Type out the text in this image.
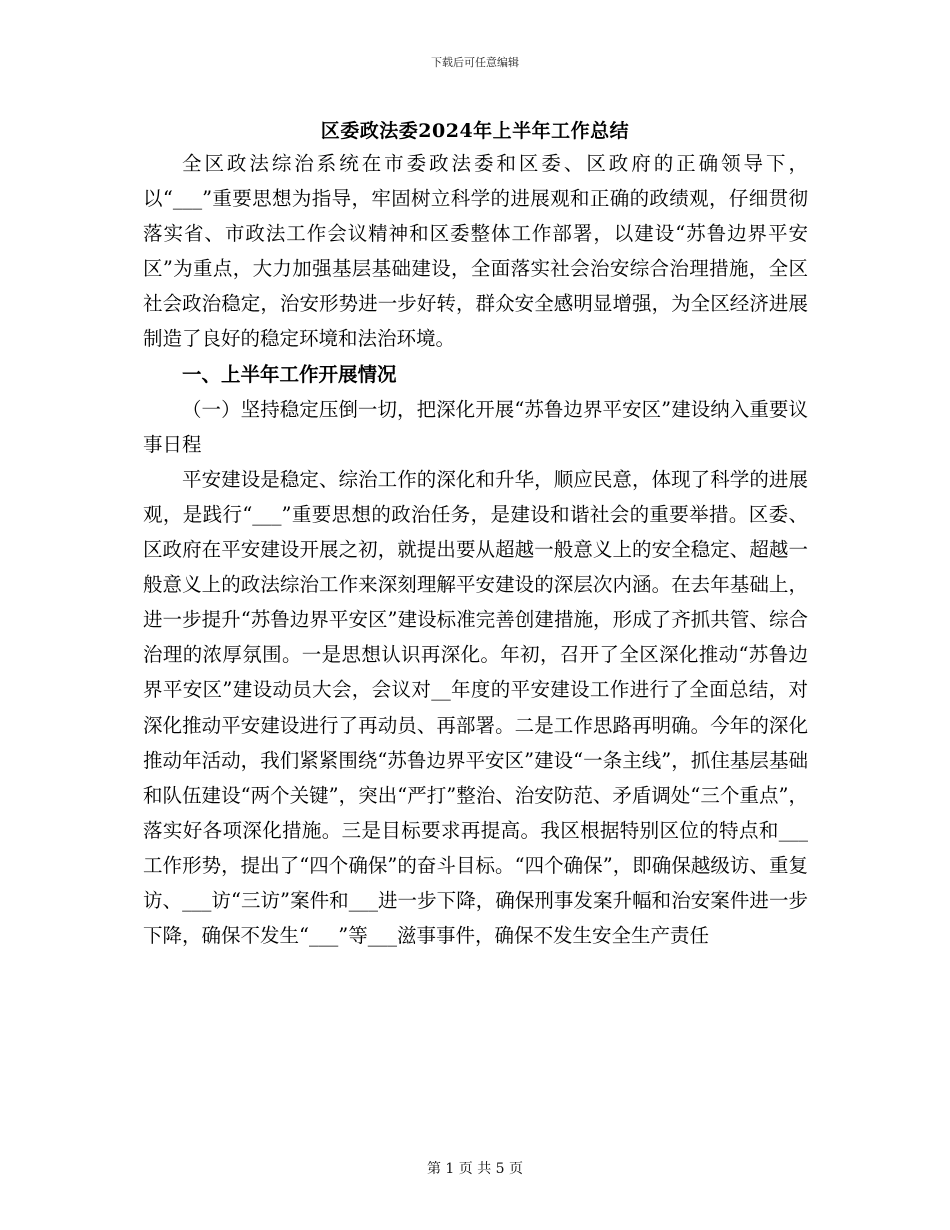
下载后可任意编辑
区委政法委2024年上半年工作总结

全区政法综治系统在市委政法委和区委、区政府的正确领导下，以“___”重要思想为指导，牢固树立科学的进展观和正确的政绩观，仔细贯彻落实省、市政法工作会议精神和区委整体工作部署，以建设“苏鲁边界平安区”为重点，大力加强基层基础建设，全面落实社会治安综合治理措施，全区社会政治稳定，治安形势进一步好转，群众安全感明显增强，为全区经济进展制造了良好的稳定环境和法治环境。

一、上半年工作开展情况

（一）坚持稳定压倒一切，把深化开展“苏鲁边界平安区”建设纳入重要议事日程

平安建设是稳定、综治工作的深化和升华，顺应民意，体现了科学的进展观，是践行“___”重要思想的政治任务，是建设和谐社会的重要举措。区委、区政府在平安建设开展之初，就提出要从超越一般意义上的安全稳定、超越一般意义上的政法综治工作来深刻理解平安建设的深层次内涵。在去年基础上，进一步提升“苏鲁边界平安区”建设标准完善创建措施，形成了齐抓共管、综合治理的浓厚氛围。一是思想认识再深化。年初，召开了全区深化推动“苏鲁边界平安区”建设动员大会，会议对__年度的平安建设工作进行了全面总结，对深化推动平安建设进行了再动员、再部署。二是工作思路再明确。今年的深化推动年活动，我们紧紧围绕“苏鲁边界平安区”建设“一条主线”，抓住基层基础和队伍建设“两个关键”，突出“严打”整治、治安防范、矛盾调处“三个重点”，落实好各项深化措施。三是目标要求再提高。我区根据特别区位的特点和___工作形势，提出了“四个确保”的奋斗目标。“四个确保”，即确保越级访、重复访、___访“三访”案件和___进一步下降，确保刑事发案升幅和治安案件进一步下降，确保不发生“___”等___滋事事件，确保不发生安全生产责任

第 1 页 共 5 页
